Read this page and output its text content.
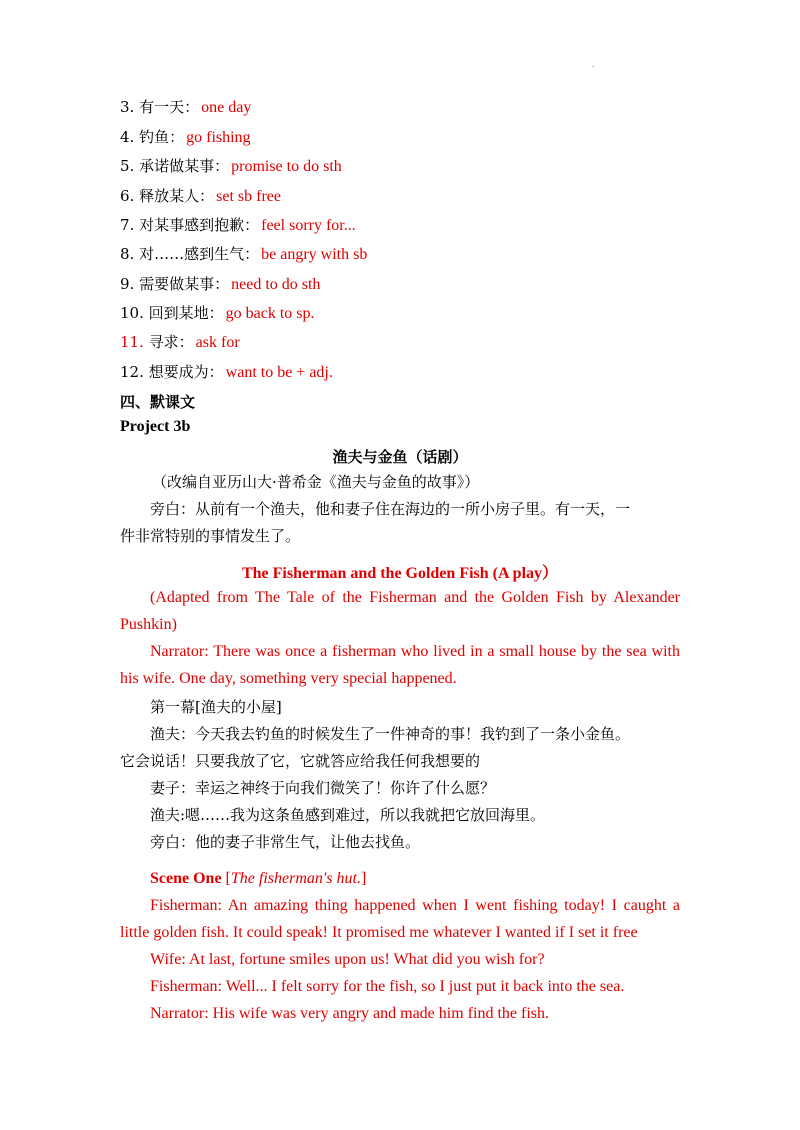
.
3. 有一天： one day
4. 钓鱼： go fishing
5. 承诺做某事： promise to do sth
6. 释放某人： set sb free
7. 对某事感到抱歉： feel sorry for...
8. 对……感到生气： be angry with sb
9. 需要做某事： need to do sth
10. 回到某地： go back to sp.
11. 寻求： ask for
12. 想要成为： want to be + adj.
四、默课文
Project 3b
渔夫与金鱼（话剧）
（改编自亚历山大·普希金《渔夫与金鱼的故事》）
旁白：从前有一个渔夫，他和妻子住在海边的一所小房子里。有一天，一
件非常特别的事情发生了。
The Fisherman and the Golden Fish (A play）
(Adapted from The Tale of the Fisherman and the Golden Fish by Alexander
Pushkin)
Narrator: There was once a fisherman who lived in a small house by the sea with
his wife. One day, something very special happened.
第一幕[渔夫的小屋]
渔夫：今天我去钓鱼的时候发生了一件神奇的事！我钓到了一条小金鱼。
它会说话！只要我放了它，它就答应给我任何我想要的
妻子：幸运之神终于向我们微笑了！你许了什么愿？
渔夫:嗯……我为这条鱼感到难过，所以我就把它放回海里。
旁白：他的妻子非常生气，让他去找鱼。
Scene One [The fisherman's hut.]
Fisherman: An amazing thing happened when I went fishing today! I caught a
little golden fish. It could speak! It promised me whatever I wanted if I set it free
Wife: At last, fortune smiles upon us! What did you wish for?
Fisherman: Well... I felt sorry for the fish, so I just put it back into the sea.
Narrator: His wife was very angry and made him find the fish.
